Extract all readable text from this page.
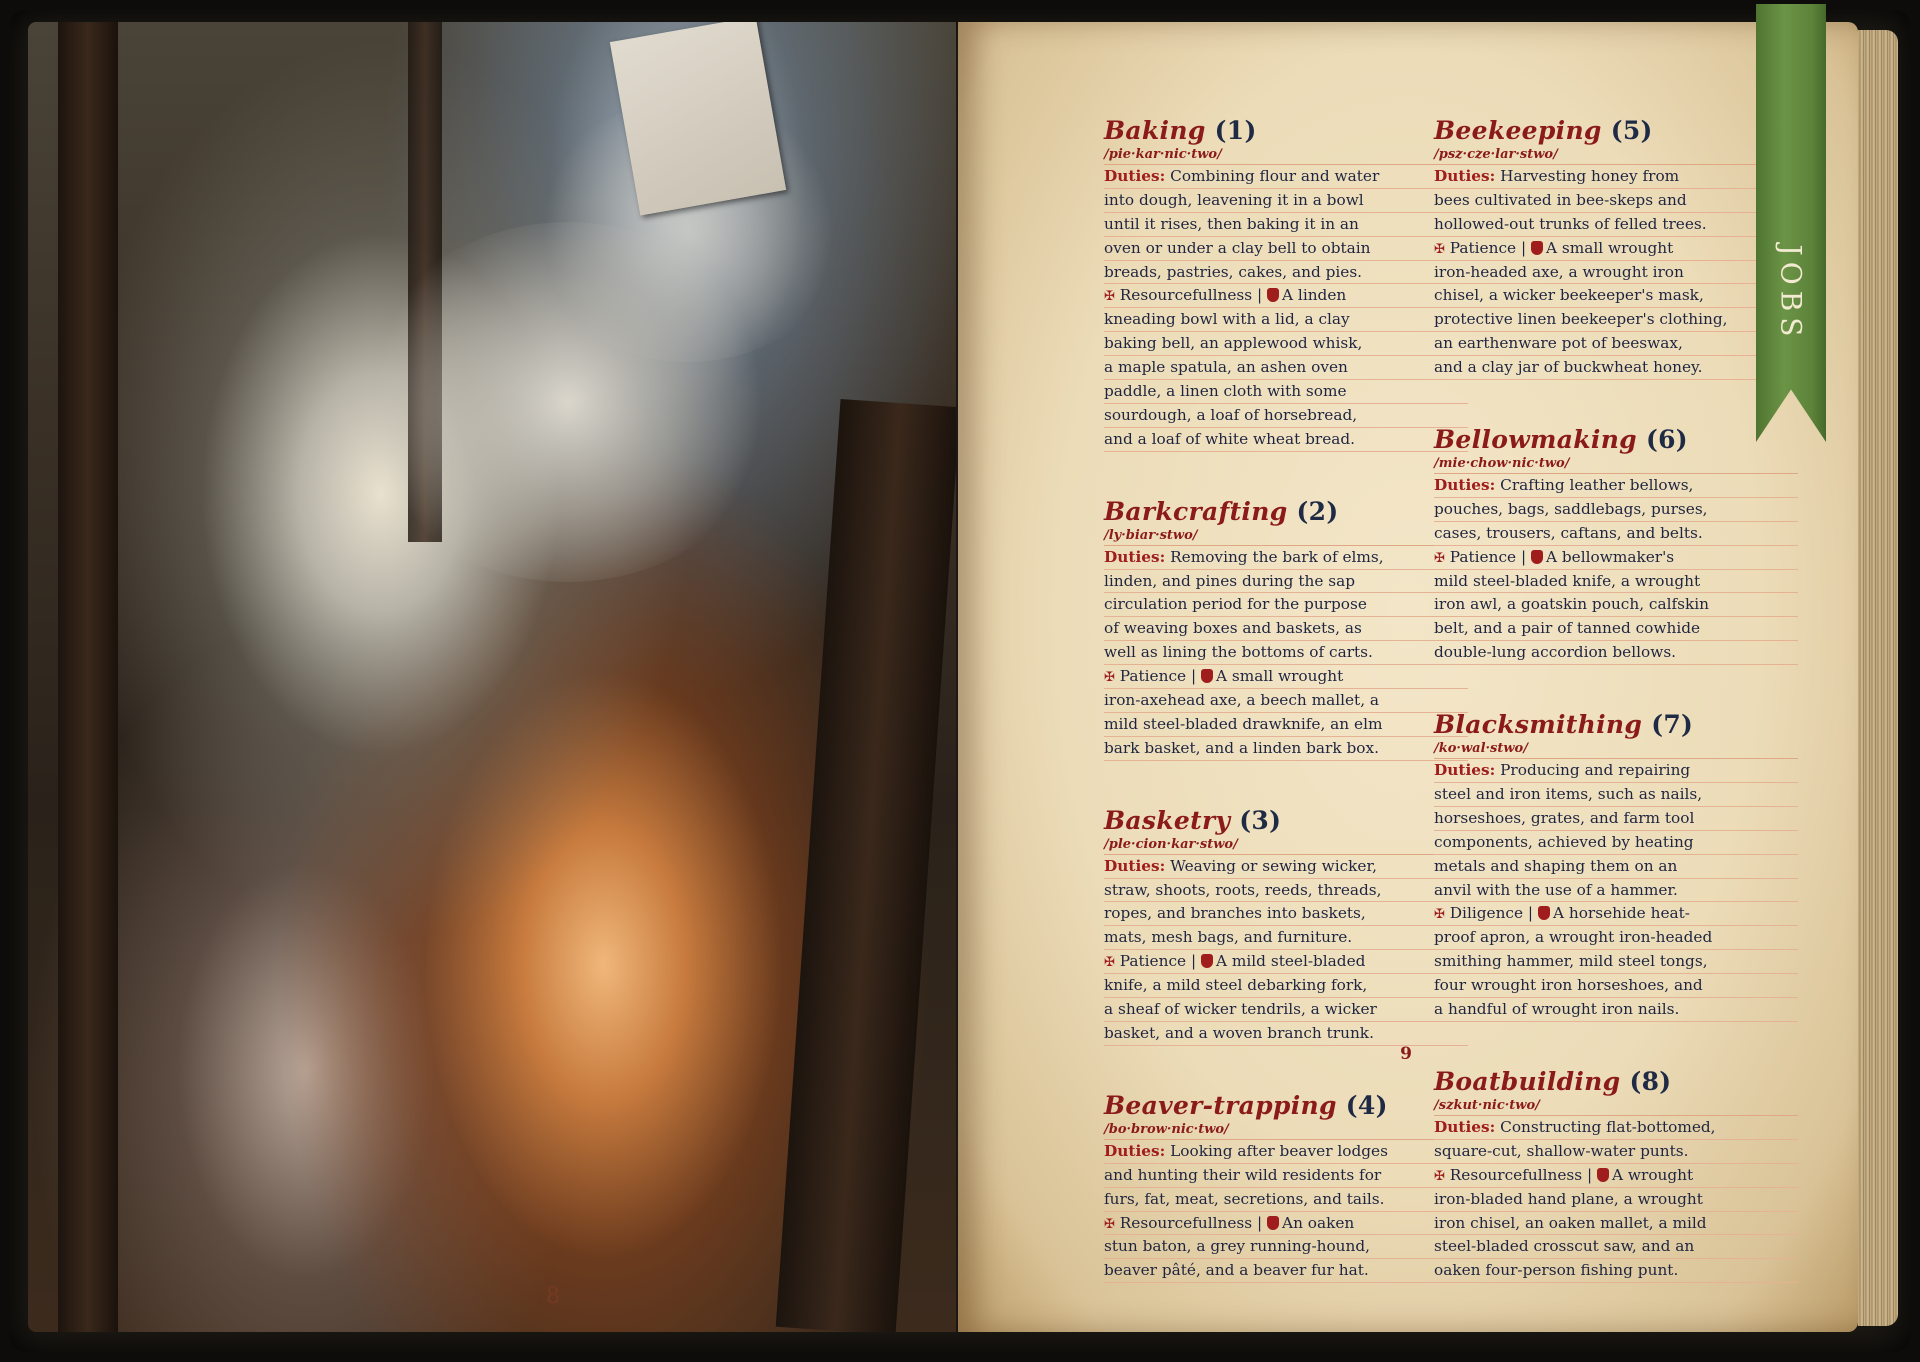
8
Baking (1)
/pie·kar·nic·two/
Duties: Combining flour and water
into dough, leavening it in a bowl
until it rises, then baking it in an
oven or under a clay bell to obtain
breads, pastries, cakes, and pies.
✠ Resourcefullness | A linden
kneading bowl with a lid, a clay
baking bell, an applewood whisk,
a maple spatula, an ashen oven
paddle, a linen cloth with some
sourdough, a loaf of horsebread,
and a loaf of white wheat bread.
Barkcrafting (2)
/ly·biar·stwo/
Duties: Removing the bark of elms,
linden, and pines during the sap
circulation period for the purpose
of weaving boxes and baskets, as
well as lining the bottoms of carts.
✠ Patience | A small wrought
iron-axehead axe, a beech mallet, a
mild steel-bladed drawknife, an elm
bark basket, and a linden bark box.
Basketry (3)
/ple·cion·kar·stwo/
Duties: Weaving or sewing wicker,
straw, shoots, roots, reeds, threads,
ropes, and branches into baskets,
mats, mesh bags, and furniture.
✠ Patience | A mild steel-bladed
knife, a mild steel debarking fork,
a sheaf of wicker tendrils, a wicker
basket, and a woven branch trunk.
Beaver-trapping (4)
/bo·brow·nic·two/
Duties: Looking after beaver lodges
and hunting their wild residents for
furs, fat, meat, secretions, and tails.
✠ Resourcefullness | An oaken
stun baton, a grey running-hound,
beaver pâté, and a beaver fur hat.
Beekeeping (5)
/psz·cze·lar·stwo/
Duties: Harvesting honey from
bees cultivated in bee-skeps and
hollowed-out trunks of felled trees.
✠ Patience | A small wrought
iron-headed axe, a wrought iron
chisel, a wicker beekeeper's mask,
protective linen beekeeper's clothing,
an earthenware pot of beeswax,
and a clay jar of buckwheat honey.
Bellowmaking (6)
/mie·chow·nic·two/
Duties: Crafting leather bellows,
pouches, bags, saddlebags, purses,
cases, trousers, caftans, and belts.
✠ Patience | A bellowmaker's
mild steel-bladed knife, a wrought
iron awl, a goatskin pouch, calfskin
belt, and a pair of tanned cowhide
double-lung accordion bellows.
Blacksmithing (7)
/ko·wal·stwo/
Duties: Producing and repairing
steel and iron items, such as nails,
horseshoes, grates, and farm tool
components, achieved by heating
metals and shaping them on an
anvil with the use of a hammer.
✠ Diligence | A horsehide heat-
proof apron, a wrought iron-headed
smithing hammer, mild steel tongs,
four wrought iron horseshoes, and
a handful of wrought iron nails.
Boatbuilding (8)
/szkut·nic·two/
Duties: Constructing flat-bottomed,
square-cut, shallow-water punts.
✠ Resourcefullness | A wrought
iron-bladed hand plane, a wrought
iron chisel, an oaken mallet, a mild
steel-bladed crosscut saw, and an
oaken four-person fishing punt.
9
JOBS
